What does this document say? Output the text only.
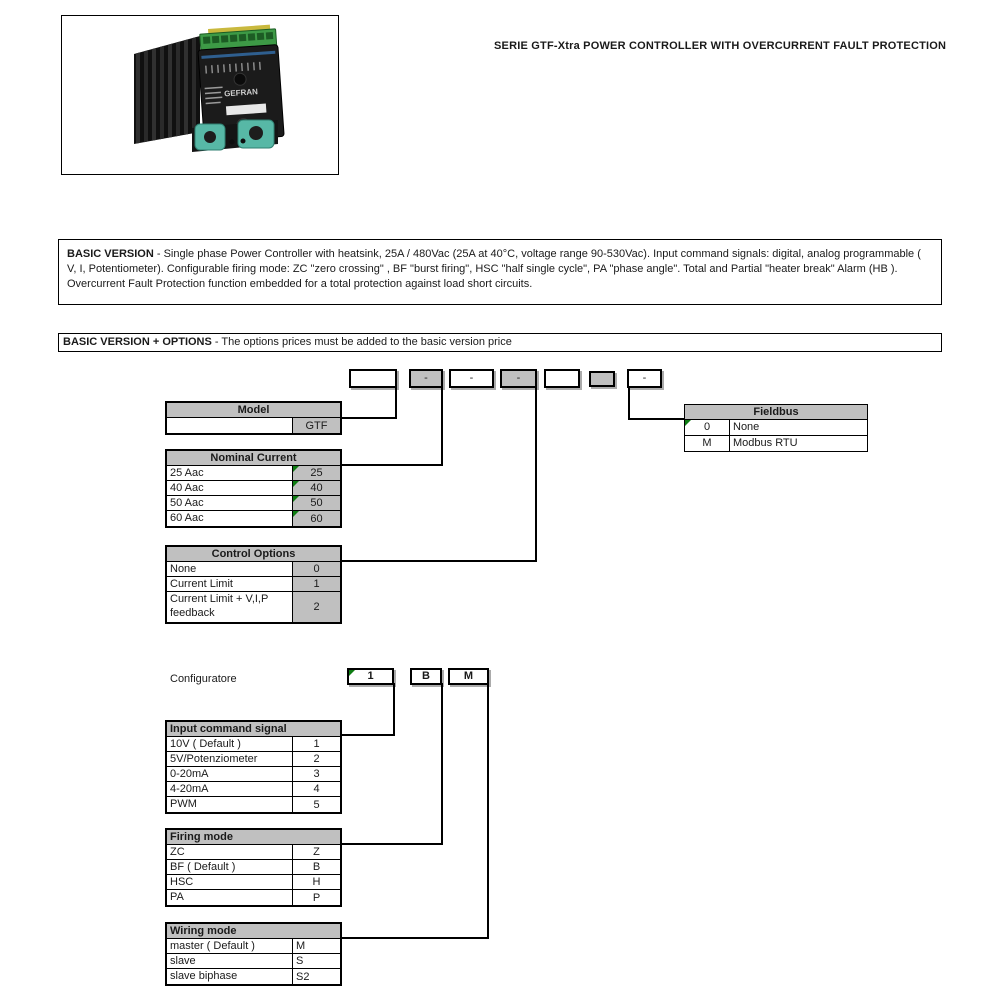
GEFRAN
SERIE GTF-Xtra POWER CONTROLLER WITH OVERCURRENT FAULT PROTECTION
BASIC VERSION - Single phase Power Controller with heatsink, 25A / 480Vac (25A at 40°C, voltage range 90-530Vac). Input command signals: digital, analog programmable ( V, I, Potentiometer). Configurable firing mode: ZC "zero crossing" , BF "burst firing", HSC "half single cycle", PA "phase angle". Total and Partial "heater break" Alarm (HB ). Overcurrent Fault Protection function embedded for a total protection against load short circuits.
BASIC VERSION + OPTIONS - The options prices must be added to the basic version price
-	-	-	-
Model
GTF
Nominal Current
25 Aac	25
40 Aac	40
50 Aac	50
60 Aac	60
Control Options
None	0
Current Limit	1
Current Limit + V,I,P feedback	2
Fieldbus
0	None
M	Modbus RTU
Configuratore	1	B	M
Input command signal
10V ( Default )	1
5V/Potenziometer	2
0-20mA	3
4-20mA	4
PWM	5
Firing mode
ZC	Z
BF ( Default )	B
HSC	H
PA	P
Wiring mode
master ( Default )	M
slave	S
slave biphase	S2
